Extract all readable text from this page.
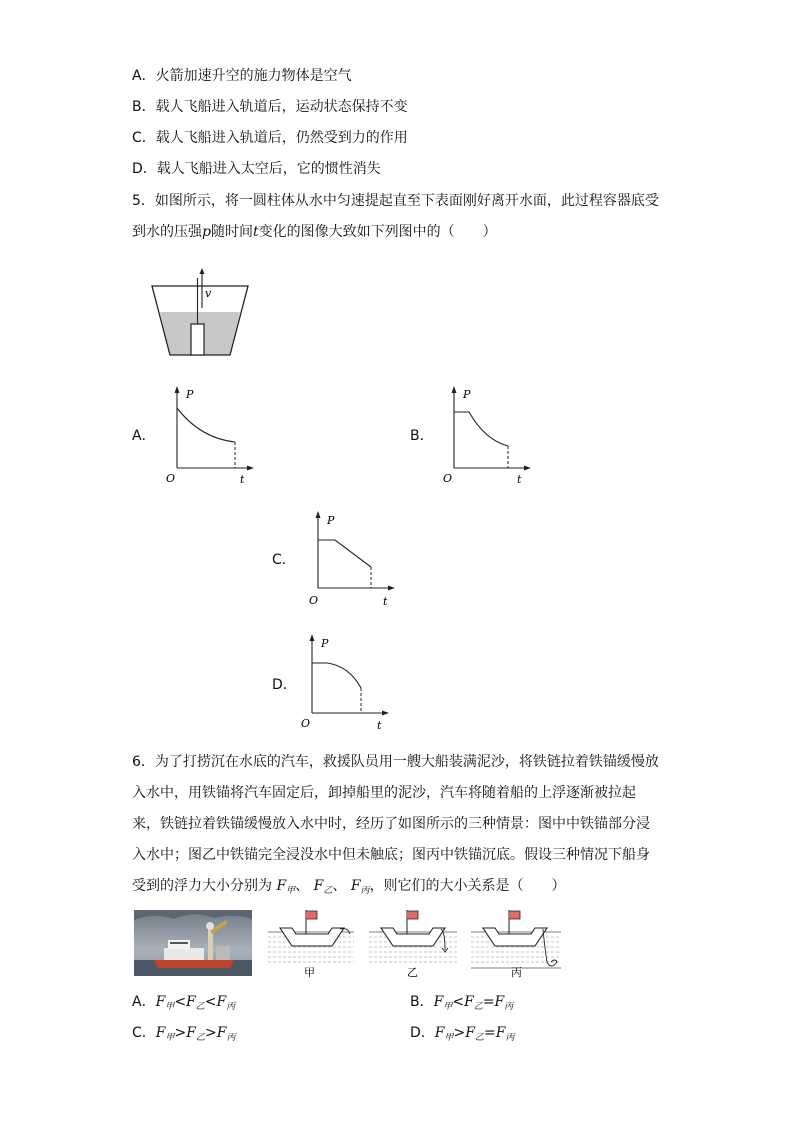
A．火箭加速升空的施力物体是空气
B．载人飞船进入轨道后，运动状态保持不变
C．载人飞船进入轨道后，仍然受到力的作用
D．载人飞船进入太空后，它的惯性消失
5．如图所示，将一圆柱体从水中匀速提起直至下表面刚好离开水面，此过程容器底受
到水的压强p随时间t变化的图像大致如下列图中的（　　）
v
A．
P
O	t
B．
P
O	t
C．
P
O	t
D．
P
O	t
6．为了打捞沉在水底的汽车，救援队员用一艘大船装满泥沙，将铁链拉着铁锚缓慢放
入水中，用铁锚将汽车固定后，卸掉船里的泥沙，汽车将随着船的上浮逐渐被拉起
来，铁链拉着铁锚缓慢放入水中时，经历了如图所示的三种情景：图中中铁锚部分浸
入水中；图乙中铁锚完全浸没水中但未触底；图丙中铁锚沉底。假设三种情况下船身
受到的浮力大小分别为 $F_甲$、 $F_乙$、 $F_丙$，则它们的大小关系是（　　）
甲	乙	丙
A．$F_甲<F_乙<F_丙$	B．$F_甲<F_乙=F_丙$
C．$F_甲>F_乙>F_丙$	D．$F_甲>F_乙=F_丙$
